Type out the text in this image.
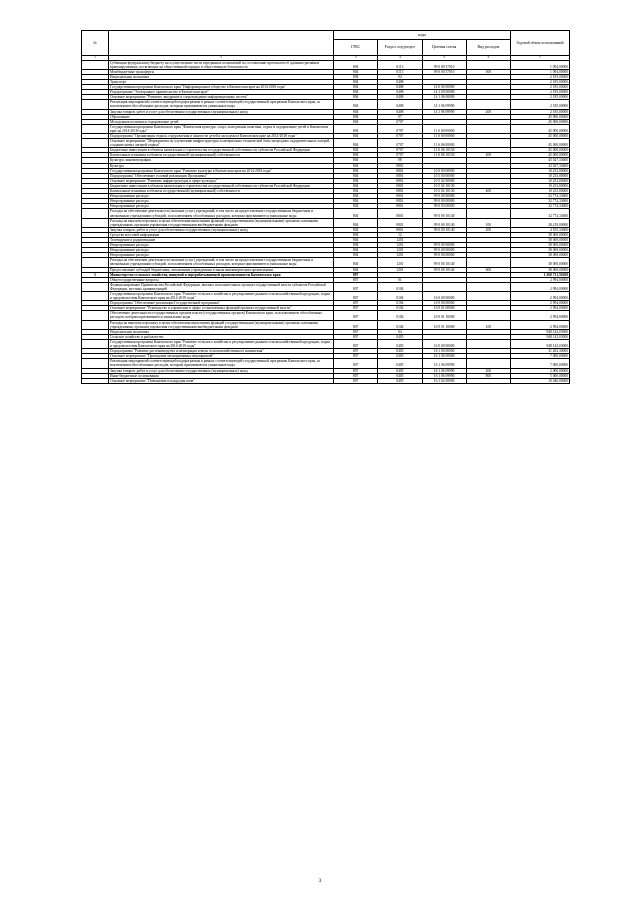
№		коды				Годовой объем ассигнований
		ГРБС	Раздел, под-раздел	Целевая статья	Вид расходов	
1	2	3	4	5	6	7
	Субвенции федеральному бюджету на осуществление части переданных полномочий по составлению протоколов об административных правонарушениях, посягающих на общественный порядок и общественную безопасность	804	0113	99 0 00 57010		1 094,00000
	Межбюджетные трансферты	804	0113	99 0 00 57010	500	1 094,00000
	Национальная экономика	804	04			2 185,00000
	Транспорт	804	0408			2 185,00000
	Государственная программа Камчатского края "Информационное общество в Камчатском крае на 2014-2018 годы"	804	0408	14 0 00 00000		2 185,00000
	Подпрограмма "Электронное правительство в Камчатском крае"	804	0408	14 1 00 00000		2 185,00000
	Основное мероприятие "Развитие, внедрение и сопровождение информационных систем"	804	0408	14 1 06 00000		2 185,00000
	Реализация мероприятий соответствующей подпрограммы в рамках соответствующей государственной программы Камчатского края, за исключением обособленных расходов, которым присваиваются уникальные коды	804	0408	14 1 06 09990		2 185,00000
	Закупка товаров, работ и услуг для обеспечения государственных (муниципальных) нужд	804	0408	14 1 06 09990	200	2 185,00000
	Образование	804	07			45 000,00000
	Молодежная политика и оздоровление детей	804	0707			45 000,00000
	Государственная программа Камчатского края "Физическая культура, спорт, молодежная политика, отдых и оздоровление детей в Камчатском крае на 2014-2018 годы"	804	0707	11 0 00 00000		45 000,00000
	Подпрограмма "Организация отдыха, оздоровления и занятости детей и молодежи в Камчатском крае на 2014-2018 годы"	804	0707	11 6 00 00000		45 000,00000
	Основное мероприятие "Мероприятия по улучшению инфраструктуры и материально-технической базы загородных оздоровительных лагерей, создание новых лагерей отдыха"	804	0707	11 6 06 00000		45 000,00000
	Бюджетные инвестиции в объекты капитального строительства государственной собственности субъектов Российской Федерации	804	0707	11 6 06 10130		45 000,00000
	Капитальные вложения в объекты государственной (муниципальной) собственности	804	0707	11 6 06 10130	400	45 000,00000
	Культура, кинематография	804	08			43 027,33600
	Культура	804	0801			43 027,33600
	Государственная программа Камчатского края "Развитие культуры в Камчатском крае на 2014-2018 годы"	804	0801	10 0 00 00000		10 253,00000
	Подпрограмма "Обеспечение условий реализации Программы"	804	0801	10 5 00 00000		10 253,00000
	Основное мероприятие "Развитие инфраструктуры в сфере культуры"	804	0801	10 5 02 00000		10 253,00000
	Бюджетные инвестиции в объекты капитального строительства государственной собственности субъектов Российской Федерации	804	0801	10 5 02 10130		10 253,00000
	Капитальные вложения в объекты государственной (муниципальной) собственности	804	0801	10 5 02 10130	400	10 253,00000
	Непрограммные расходы	804	0801	99 0 00 00000		32 774,33600
	Непрограммные расходы	804	0801	99 0 00 00000		32 774,33600
	Непрограммные расходы	804	0801	99 0 00 00000		32 774,33600
	Расходы на обеспечение деятельности (оказание услуг) учреждений, в том числе на предоставление государственным бюджетным и автономным учреждениям субсидий, за исключением обособленных расходов, которым присваиваются уникальные коды	804	0801	99 0 00 10140		32 774,33600
	Расходы на выплаты персоналу в целях обеспечения выполнения функций государственными (муниципальными) органами, казенными учреждениями, органами управления государственными внебюджетными фондами	804	0801	99 0 00 10140	100	28 219,00000
	Закупка товаров, работ и услуг для обеспечения государственных (муниципальных) нужд	804	0801	99 0 00 10140	200	4 555,33600
	Средства массовой информации	804	12			38 069,00000
	Телевидение и радиовещание	804	1201			38 069,00000
	Непрограммные расходы	804	1201	99 0 00 00000		38 069,00000
	Непрограммные расходы	804	1201	99 0 00 00000		38 069,00000
	Непрограммные расходы	804	1201	99 0 00 00000		38 069,00000
	Расходы на обеспечение деятельности (оказание услуг) учреждений, в том числе на предоставление государственным бюджетным и автономным учреждениям субсидий, за исключением обособленных расходов, которым присваиваются уникальные коды	804	1201	99 0 00 10140		38 069,00000
	Предоставление субсидий бюджетным, автономным учреждениям и иным некоммерческим организациям	804	1201	99 0 00 10140	600	38 069,00000
5	Министерство сельского хозяйства, пищевой и перерабатывающей промышленности Камчатского края	807				1 268 731,50269
	Общегосударственные вопросы	807	01			2 994,00000
	Функционирование Правительства Российской Федерации, высших исполнительных органов государственной власти субъектов Российской Федерации, местных администраций	807	0104			2 994,00000
	Государственная программа Камчатского края "Развитие сельского хозяйства и регулирование рынков сельскохозяйственной продукции, сырья и продовольствия Камчатского края на 2014-2018 годы"	807	0104	16 0 00 00000		2 994,00000
	Подпрограмма "Обеспечение реализации Государственной программы"	807	0104	16 9 00 00000		2 994,00000
	Основное мероприятие "Руководство и управление в сфере установленных функций органов государственной власти"	807	0104	16 9 01 00000		2 994,00000
	Обеспечение деятельности государственных органов власти (государственных органов) Камчатского края, за исключением обособленных расходов, которым присваиваются уникальные коды	807	0104	16 9 01 10000		2 994,00000
	Расходы на выплаты персоналу в целях обеспечения выполнения функций государственными (муниципальными) органами, казенными учреждениями, органами управления государственными внебюджетными фондами	807	0104	16 9 01 10000	100	2 994,00000
	Национальная экономика	807	04			948 142,03000
	Сельское хозяйство и рыболовство	807	0405			948 142,03000
	Государственная программа Камчатского края "Развитие сельского хозяйства и регулирование рынков сельскохозяйственной продукции, сырья и продовольствия Камчатского края на 2014-2018 годы"	807	0405	16 0 00 00000		948 142,03000
	Подпрограмма "Развитие растениеводства и мелиорация земель сельскохозяйственного назначения"	807	0405	16 1 00 00000		31 263,30000
	Основное мероприятие "Проведение мелиоративных мероприятий"	807	0405	16 1 06 00000		7 000,00000
	Реализация мероприятий соответствующей подпрограммы в рамках соответствующей государственной программы Камчатского края, за исключением обособленных расходов, которым присваиваются уникальные коды	807	0405	16 1 06 09990		7 000,00000
	Закупка товаров, работ и услуг для обеспечения государственных (муниципальных) нужд	807	0405	16 1 06 09990	200	2 000,00000
	Иные бюджетные ассигнования	807	0405	16 1 06 09990	800	5 000,00000
	Основное мероприятие "Повышение плодородия почв"	807	0405	16 1 02 00000		10 040,00000
3
